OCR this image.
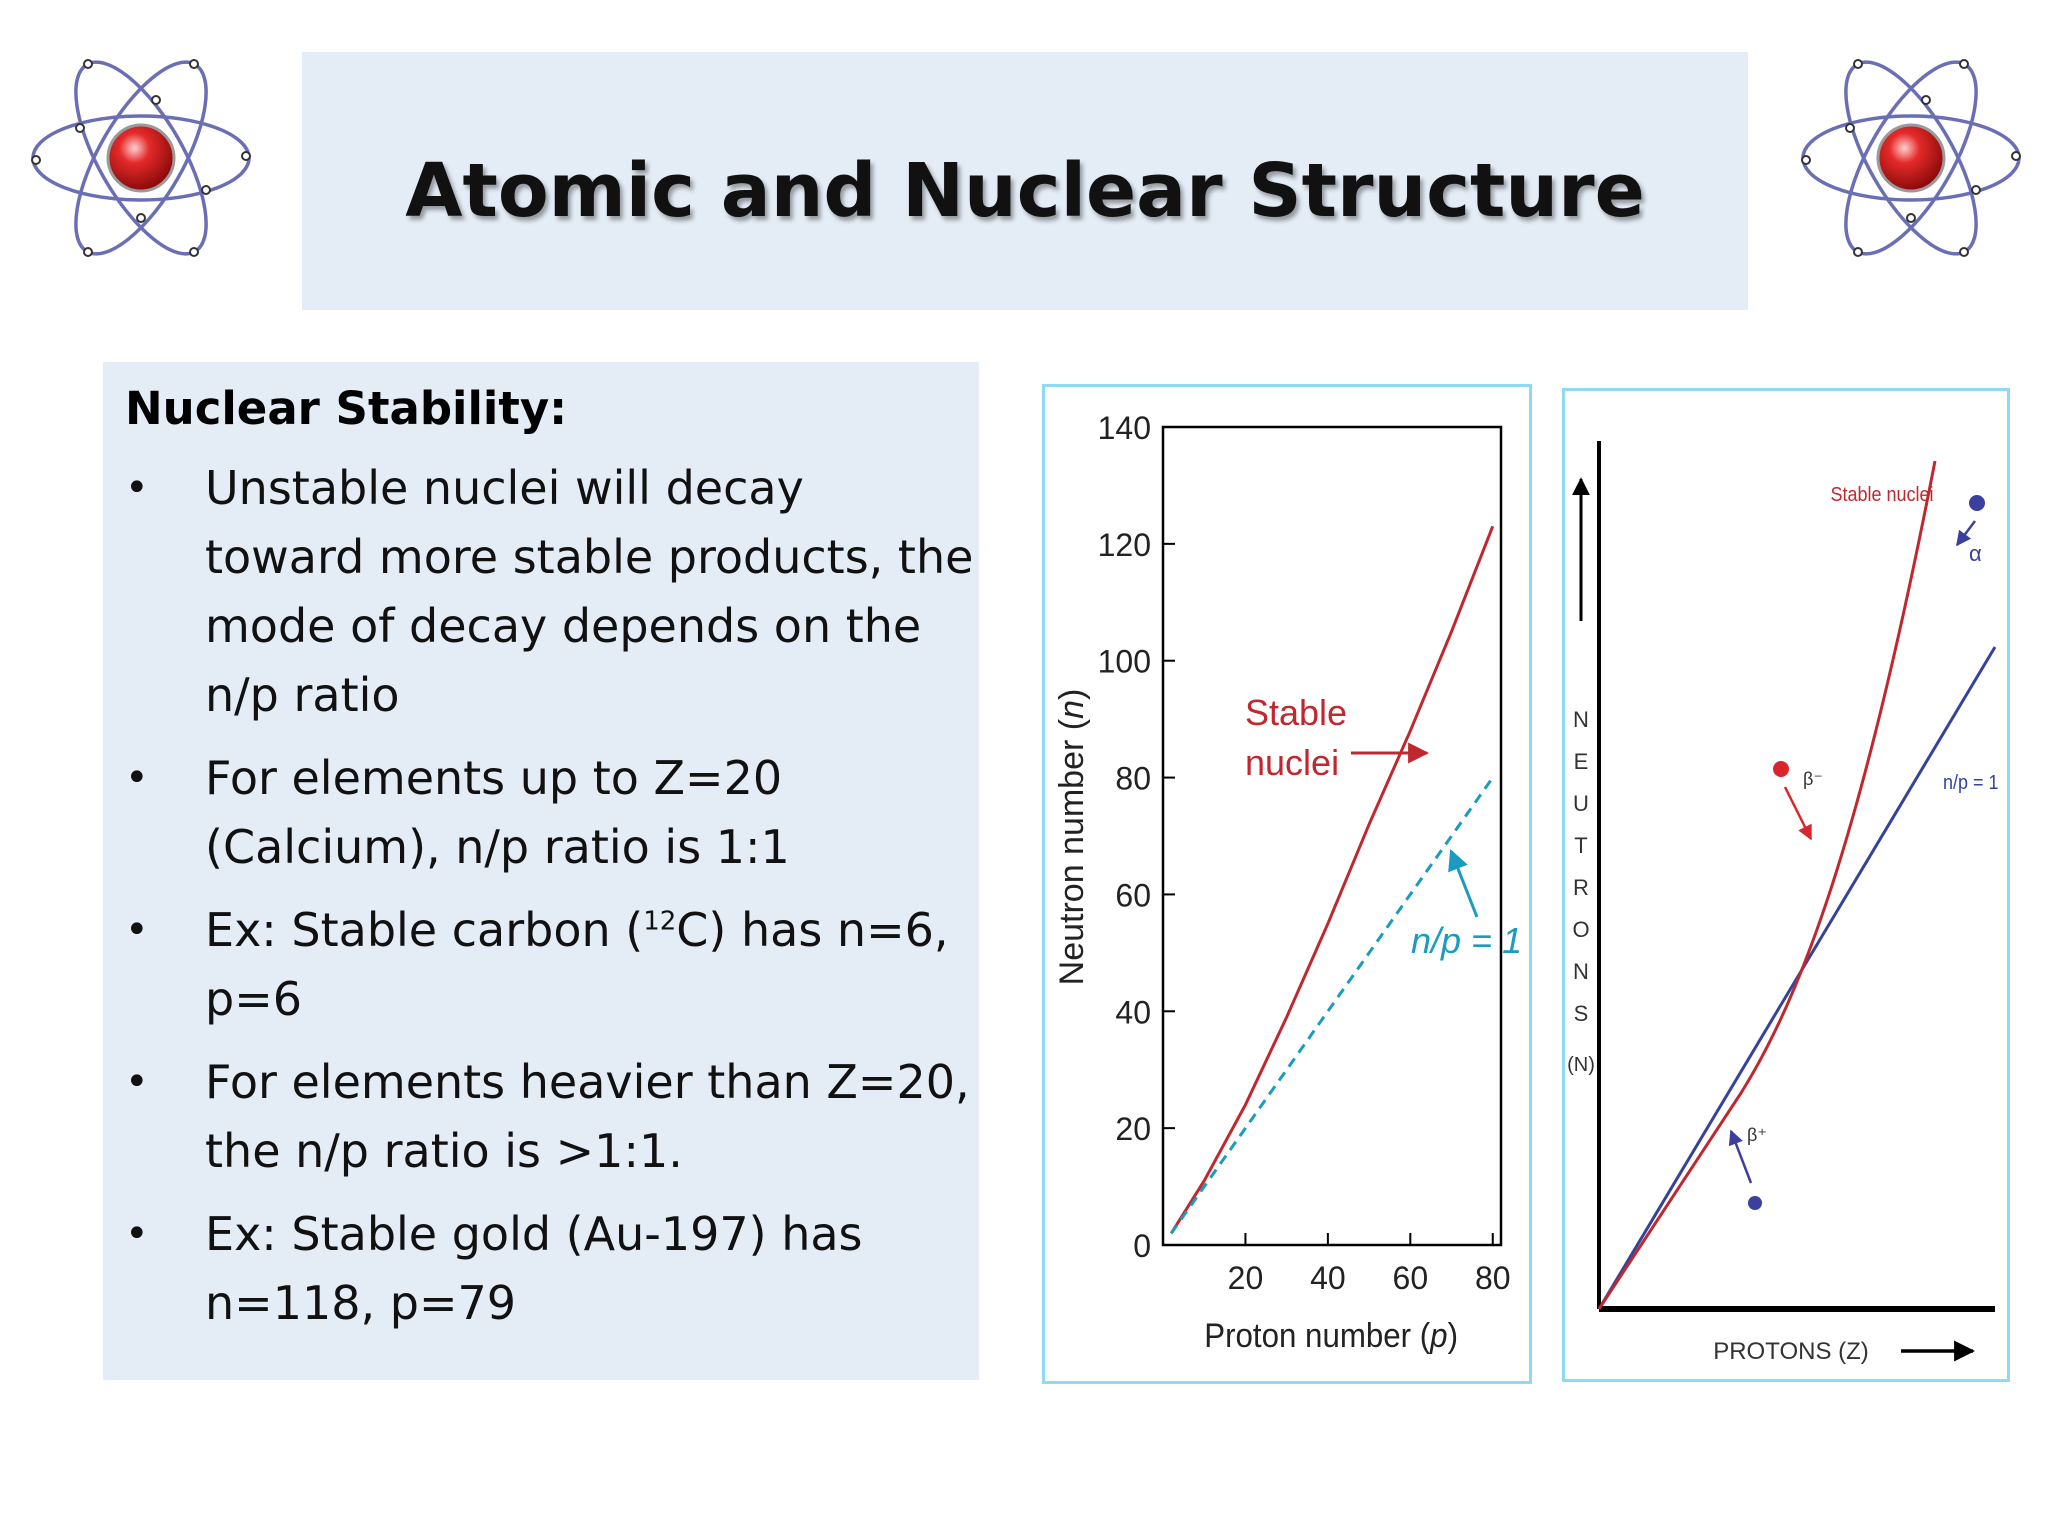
Atomic and Nuclear Structure
Nuclear Stability:
• Unstable nuclei will decay toward more stable products, the mode of decay depends on the n/p ratio
• For elements up to Z=20 (Calcium), n/p ratio is 1:1
• Ex: Stable carbon ($^{12}$C) has n=6, p=6
• For elements heavier than Z=20, the n/p ratio is >1:1.
• Ex: Stable gold (Au-197) has n=118, p=79	20 40 60 80
0
20
40
60
80
100
120
140
Proton number (p)
Neutron number (n)	Stable
nuclei
n/p = 1
N
E
U
T
R
O
N
S
(N)
PROTONS (Z)
Stable nuclei
n/p = 1
α
β⁻
β⁺
